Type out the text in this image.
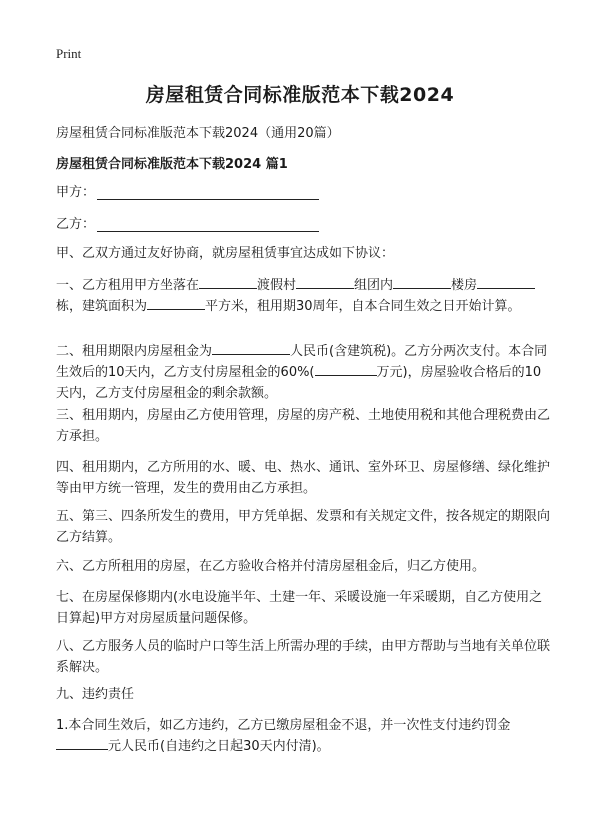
Print
房屋租赁合同标准版范本下载2024
房屋租赁合同标准版范本下载2024（通用20篇）
房屋租赁合同标准版范本下载2024 篇1
甲方：
乙方：
甲、乙双方通过友好协商，就房屋租赁事宜达成如下协议：
一、乙方租用甲方坐落在	渡假村	组团内	楼房栋，建筑面积为	平方米，租用期30周年，自本合同生效之日开始计算。
二、租用期限内房屋租金为	人民币(含建筑税)。乙方分两次支付。本合同生效后的10天内，乙方支付房屋租金的60%(	万元)，房屋验收合格后的10天内，乙方支付房屋租金的剩余款额。
三、租用期内，房屋由乙方使用管理，房屋的房产税、土地使用税和其他合理税费由乙方承担。
四、租用期内，乙方所用的水、暖、电、热水、通讯、室外环卫、房屋修缮、绿化维护等由甲方统一管理，发生的费用由乙方承担。
五、第三、四条所发生的费用，甲方凭单据、发票和有关规定文件，按各规定的期限向乙方结算。
六、乙方所租用的房屋，在乙方验收合格并付清房屋租金后，归乙方使用。
七、在房屋保修期内(水电设施半年、土建一年、采暖设施一年采暖期，自乙方使用之日算起)甲方对房屋质量问题保修。
八、乙方服务人员的临时户口等生活上所需办理的手续，由甲方帮助与当地有关单位联系解决。
九、违约责任
1.本合同生效后，如乙方违约，乙方已缴房屋租金不退，并一次性支付违约罚金元人民币(自违约之日起30天内付清)。
